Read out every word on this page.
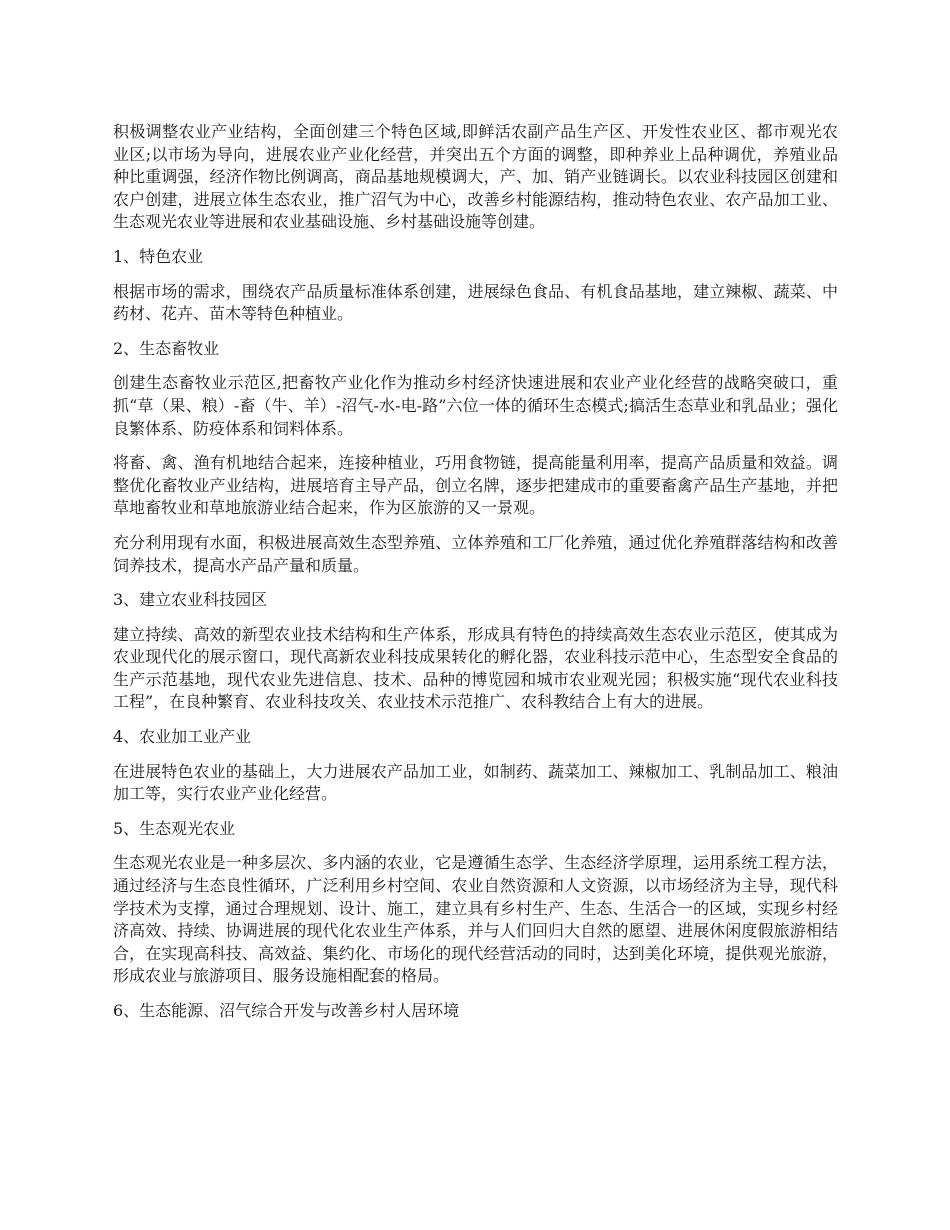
积极调整农业产业结构，全面创建三个特色区域,即鲜活农副产品生产区、开发性农业区、都市观光农业区;以市场为导向，进展农业产业化经营，并突出五个方面的调整，即种养业上品种调优，养殖业品种比重调强，经济作物比例调高，商品基地规模调大，产、加、销产业链调长。以农业科技园区创建和农户创建，进展立体生态农业，推广沼气为中心，改善乡村能源结构，推动特色农业、农产品加工业、生态观光农业等进展和农业基础设施、乡村基础设施等创建。

1、特色农业

根据市场的需求，围绕农产品质量标准体系创建，进展绿色食品、有机食品基地，建立辣椒、蔬菜、中药材、花卉、苗木等特色种植业。

2、生态畜牧业

创建生态畜牧业示范区,把畜牧产业化作为推动乡村经济快速进展和农业产业化经营的战略突破口，重抓“草（果、粮）-畜（牛、羊）-沼气-水-电-路”六位一体的循环生态模式;搞活生态草业和乳品业；强化良繁体系、防疫体系和饲料体系。

将畜、禽、渔有机地结合起来，连接种植业，巧用食物链，提高能量利用率，提高产品质量和效益。调整优化畜牧业产业结构，进展培育主导产品，创立名牌，逐步把建成市的重要畜禽产品生产基地，并把草地畜牧业和草地旅游业结合起来，作为区旅游的又一景观。

充分利用现有水面，积极进展高效生态型养殖、立体养殖和工厂化养殖，通过优化养殖群落结构和改善饲养技术，提高水产品产量和质量。

3、建立农业科技园区

建立持续、高效的新型农业技术结构和生产体系，形成具有特色的持续高效生态农业示范区，使其成为农业现代化的展示窗口，现代高新农业科技成果转化的孵化器，农业科技示范中心，生态型安全食品的生产示范基地，现代农业先进信息、技术、品种的博览园和城市农业观光园；积极实施“现代农业科技工程”，在良种繁育、农业科技攻关、农业技术示范推广、农科教结合上有大的进展。

4、农业加工业产业

在进展特色农业的基础上，大力进展农产品加工业，如制药、蔬菜加工、辣椒加工、乳制品加工、粮油加工等，实行农业产业化经营。

5、生态观光农业

生态观光农业是一种多层次、多内涵的农业，它是遵循生态学、生态经济学原理，运用系统工程方法，通过经济与生态良性循环，广泛利用乡村空间、农业自然资源和人文资源，以市场经济为主导，现代科学技术为支撑，通过合理规划、设计、施工，建立具有乡村生产、生态、生活合一的区域，实现乡村经济高效、持续、协调进展的现代化农业生产体系，并与人们回归大自然的愿望、进展休闲度假旅游相结合，在实现高科技、高效益、集约化、市场化的现代经营活动的同时，达到美化环境，提供观光旅游，形成农业与旅游项目、服务设施相配套的格局。

6、生态能源、沼气综合开发与改善乡村人居环境
